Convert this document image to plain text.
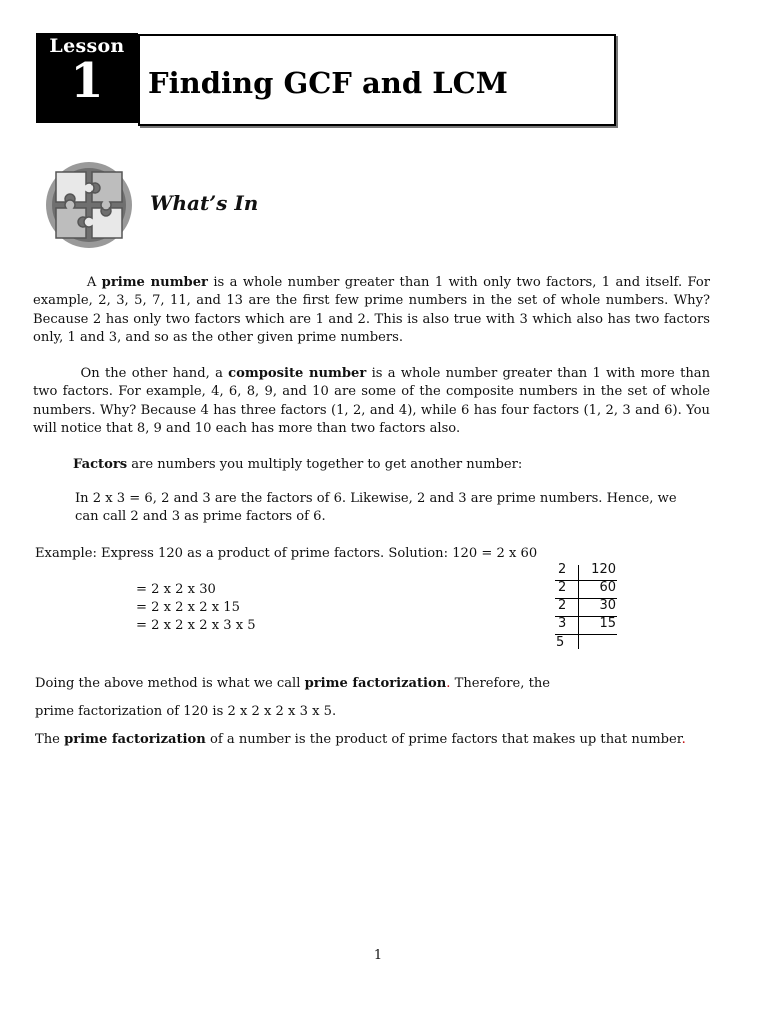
Lesson
1	Finding GCF and LCM
What’s In
A prime number is a whole number greater than 1 with only two factors, 1 and itself. For example, 2, 3, 5, 7, 11, and 13 are the first few prime numbers in the set of whole numbers. Why? Because 2 has only two factors which are 1 and 2. This is also true with 3 which also has two factors only, 1 and 3, and so as the other given prime numbers.
On the other hand, a composite number is a whole number greater than 1 with more than two factors. For example, 4, 6, 8, 9, and 10 are some of the composite numbers in the set of whole numbers. Why? Because 4 has three factors (1, 2, and 4), while 6 has four factors (1, 2, 3 and 6). You will notice that 8, 9 and 10 each has more than two factors also.
Factors are numbers you multiply together to get another number:
In 2 x 3 = 6, 2 and 3 are the factors of 6. Likewise, 2 and 3 are prime numbers. Hence, we can call 2 and 3 as prime factors of 6.
Example: Express 120 as a product of prime factors. Solution: 120 = 2 x 60
= 2 x 2 x 30
= 2 x 2 x 2 x 15
= 2 x 2 x 2 x 3 x 5
2 120
2	60
2	30
3	15
5
Doing the above method is what we call prime factorization. Therefore, the
prime factorization of 120 is 2 x 2 x 2 x 3 x 5.
The prime factorization of a number is the product of prime factors that makes up that number.
1
